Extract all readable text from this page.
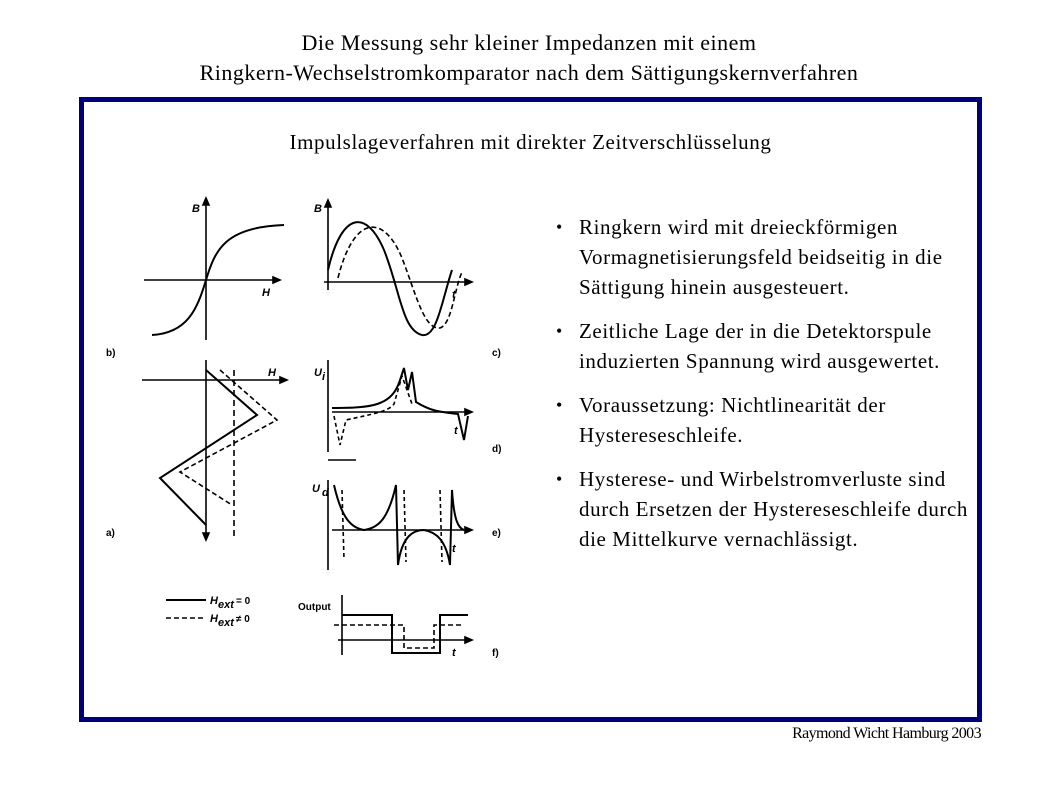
Die Messung sehr kleiner Impedanzen mit einem
Ringkern-Wechselstromkomparator nach dem Sättigungskernverfahren
Impulslageverfahren mit direkter Zeitverschlüsselung
B
H
b)
B
t
c)
H	U i
t
d)
U d
t
e)
a)
Output
t	f)
H ext = 0
H ext ≠ 0
• Ringkern wird mit dreieckförmigen Vormagnetisierungsfeld beidseitig in die Sättigung hinein ausgesteuert.
• Zeitliche Lage der in die Detektorspule induzierten Spannung wird ausgewertet.
• Voraussetzung: Nichtlinearität der Hystereseschleife.
• Hysterese- und Wirbelstromverluste sind durch Ersetzen der Hystereseschleife durch die Mittelkurve vernachlässigt.
Raymond Wicht Hamburg 2003
